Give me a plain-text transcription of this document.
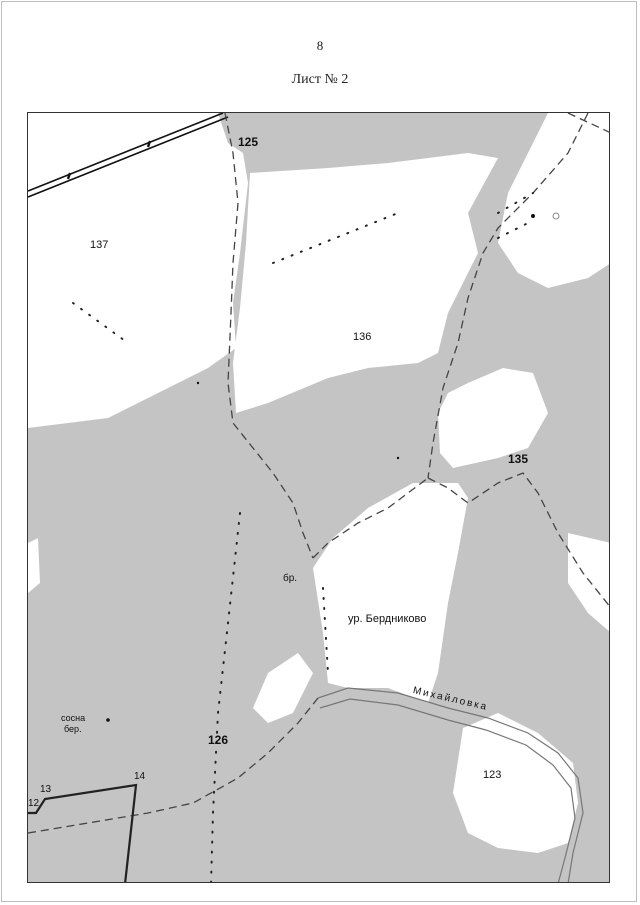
8
Лист № 2
125
137
136
135
126
123
бр.
ур. Бердниково
Михайловка
сосна
бер.
12
13
14
